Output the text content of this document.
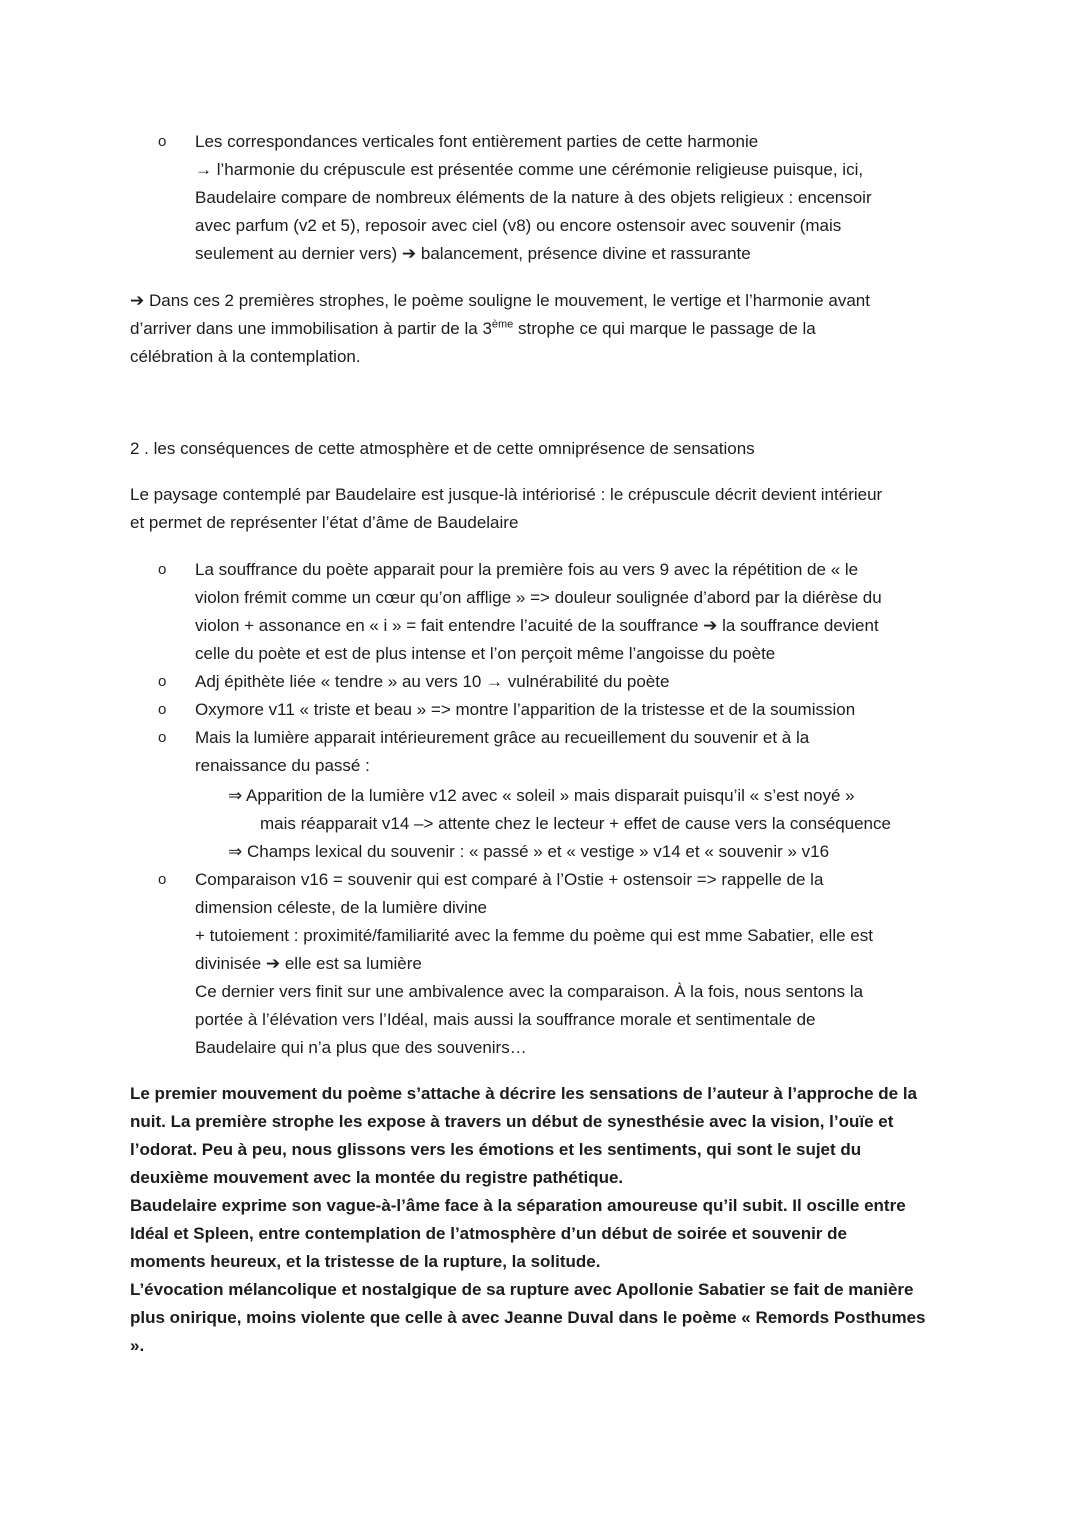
o
Les correspondances verticales font entièrement parties de cette harmonie
→ l’harmonie du crépuscule est présentée comme une cérémonie religieuse puisque, ici,
Baudelaire compare de nombreux éléments de la nature à des objets religieux : encensoir
avec parfum (v2 et 5), reposoir avec ciel (v8) ou encore ostensoir avec souvenir (mais
seulement au dernier vers) ➔ balancement, présence divine et rassurante
➔ Dans ces 2 premières strophes, le poème souligne le mouvement, le vertige et l’harmonie avant
d’arriver dans une immobilisation à partir de la 3ème strophe ce qui marque le passage de la
célébration à la contemplation.
2 . les conséquences de cette atmosphère et de cette omniprésence de sensations
Le paysage contemplé par Baudelaire est jusque-là intériorisé : le crépuscule décrit devient intérieur
et permet de représenter l’état d’âme de Baudelaire
o
La souffrance du poète apparait pour la première fois au vers 9 avec la répétition de « le
violon frémit comme un cœur qu’on afflige » => douleur soulignée d’abord par la diérèse du
violon + assonance en « i » = fait entendre l’acuité de la souffrance ➔ la souffrance devient
celle du poète et est de plus intense et l’on perçoit même l’angoisse du poète
o
Adj épithète liée « tendre » au vers 10 → vulnérabilité du poète
o
Oxymore v11 « triste et beau » => montre l’apparition de la tristesse et de la soumission
o
Mais la lumière apparait intérieurement grâce au recueillement du souvenir et à la
renaissance du passé :
⇒ Apparition de la lumière v12 avec « soleil » mais disparait puisqu’il « s’est noyé »
mais réapparait v14 –> attente chez le lecteur + effet de cause vers la conséquence
⇒ Champs lexical du souvenir : « passé » et « vestige » v14 et « souvenir » v16
o
Comparaison v16 = souvenir qui est comparé à l’Ostie + ostensoir => rappelle de la
dimension céleste, de la lumière divine
+ tutoiement : proximité/familiarité avec la femme du poème qui est mme Sabatier, elle est
divinisée ➔ elle est sa lumière
Ce dernier vers finit sur une ambivalence avec la comparaison. À la fois, nous sentons la
portée à l’élévation vers l’Idéal, mais aussi la souffrance morale et sentimentale de
Baudelaire qui n’a plus que des souvenirs…
Le premier mouvement du poème s’attache à décrire les sensations de l’auteur à l’approche de la
nuit. La première strophe les expose à travers un début de synesthésie avec la vision, l’ouïe et
l’odorat. Peu à peu, nous glissons vers les émotions et les sentiments, qui sont le sujet du
deuxième mouvement avec la montée du registre pathétique.
Baudelaire exprime son vague-à-l’âme face à la séparation amoureuse qu’il subit. Il oscille entre
Idéal et Spleen, entre contemplation de l’atmosphère d’un début de soirée et souvenir de
moments heureux, et la tristesse de la rupture, la solitude.
L’évocation mélancolique et nostalgique de sa rupture avec Apollonie Sabatier se fait de manière
plus onirique, moins violente que celle à avec Jeanne Duval dans le poème « Remords Posthumes
».
